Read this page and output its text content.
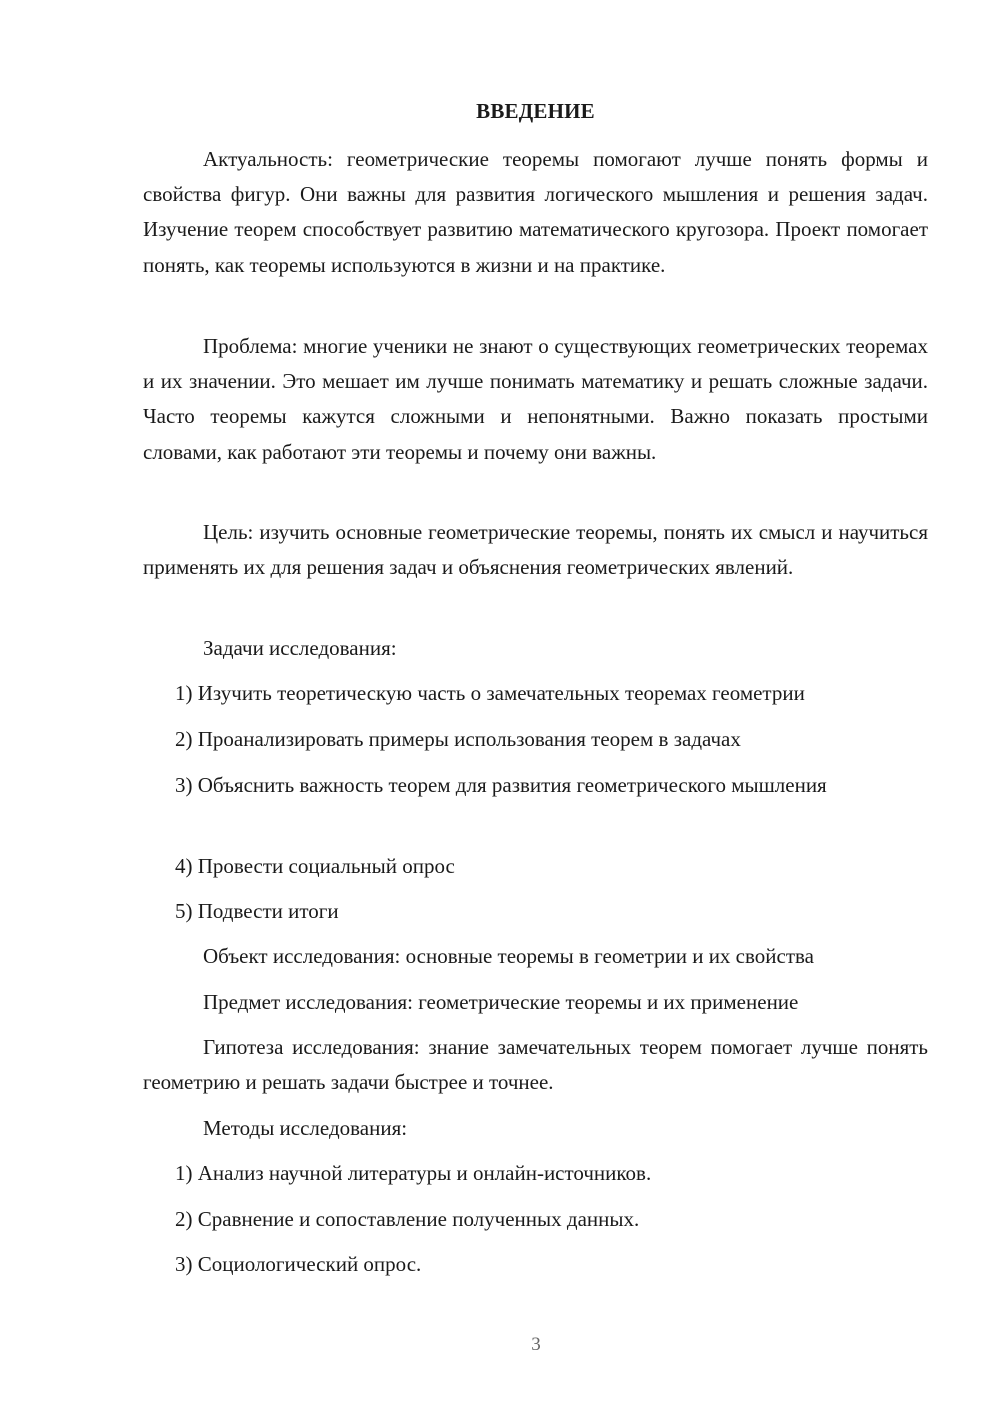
ВВЕДЕНИЕ

Актуальность: геометрические теоремы помогают лучше понять формы и свойства фигур. Они важны для развития логического мышления и решения задач. Изучение теорем способствует развитию математического кругозора. Проект помогает понять, как теоремы используются в жизни и на практике.

Проблема: многие ученики не знают о существующих геометрических теоремах и их значении. Это мешает им лучше понимать математику и решать сложные задачи. Часто теоремы кажутся сложными и непонятными. Важно показать простыми словами, как работают эти теоремы и почему они важны.

Цель: изучить основные геометрические теоремы, понять их смысл и научиться применять их для решения задач и объяснения геометрических явлений.

Задачи исследования:

1) Изучить теоретическую часть о замечательных теоремах геометрии

2) Проанализировать примеры использования теорем в задачах

3) Объяснить важность теорем для развития геометрического мышления

4) Провести социальный опрос

5) Подвести итоги

Объект исследования: основные теоремы в геометрии и их свойства

Предмет исследования: геометрические теоремы и их применение

Гипотеза исследования: знание замечательных теорем помогает лучше понять геометрию и решать задачи быстрее и точнее.

Методы исследования:

1) Анализ научной литературы и онлайн-источников.

2) Сравнение и сопоставление полученных данных.

3) Социологический опрос.

3
